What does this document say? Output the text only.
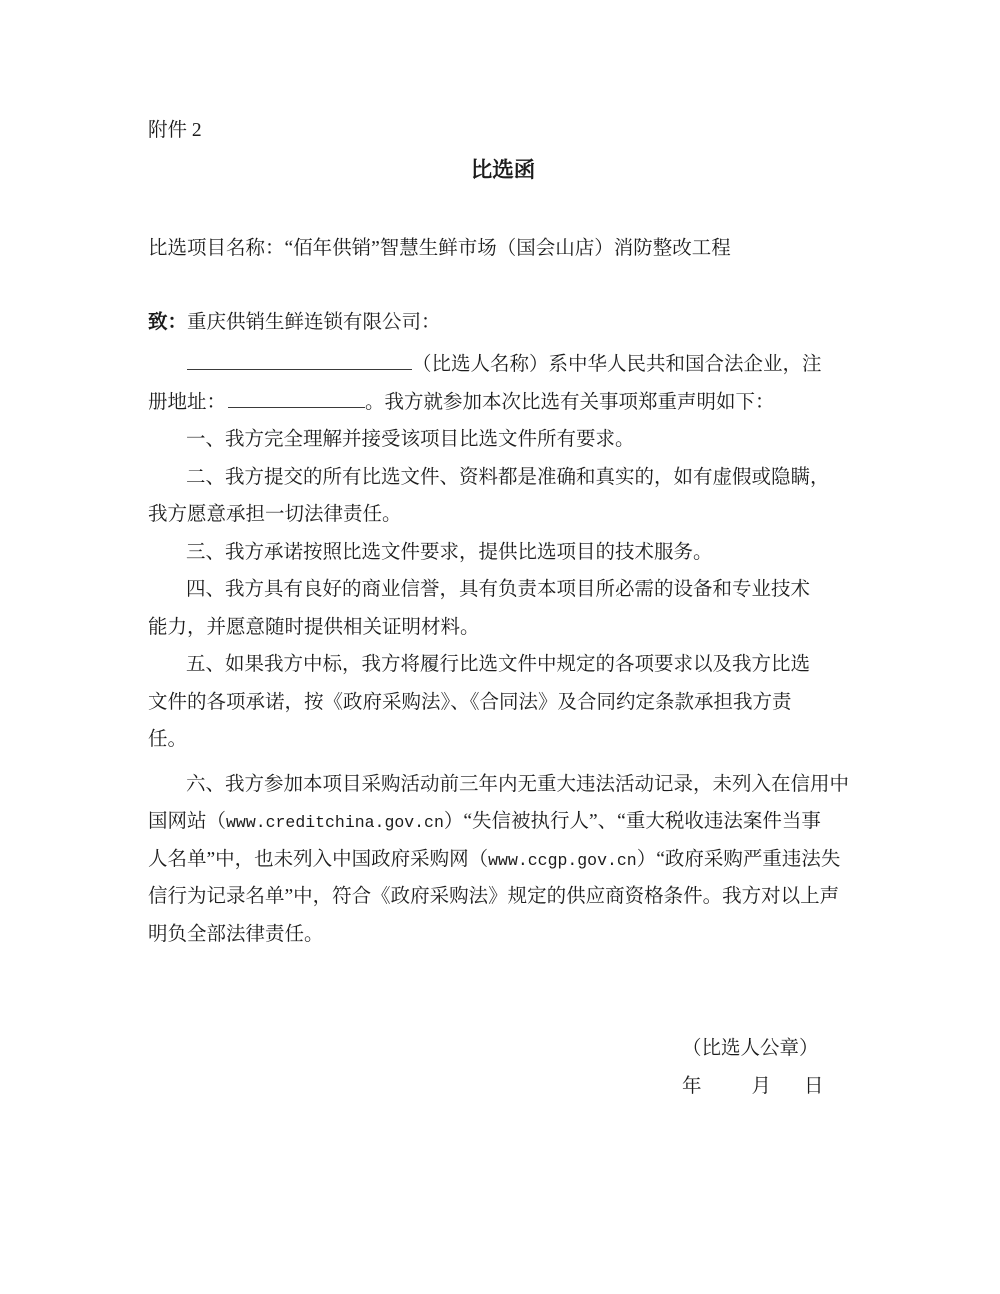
附件 2
比选函
比选项目名称：“佰年供销”智慧生鲜市场（国会山店）消防整改工程
致：重庆供销生鲜连锁有限公司：
（比选人名称）系中华人民共和国合法企业，注
册地址：	。我方就参加本次比选有关事项郑重声明如下：
一、我方完全理解并接受该项目比选文件所有要求。
二、我方提交的所有比选文件、资料都是准确和真实的，如有虚假或隐瞒，
我方愿意承担一切法律责任。
三、我方承诺按照比选文件要求，提供比选项目的技术服务。
四、我方具有良好的商业信誉，具有负责本项目所必需的设备和专业技术
能力，并愿意随时提供相关证明材料。
五、如果我方中标，我方将履行比选文件中规定的各项要求以及我方比选
文件的各项承诺，按《政府采购法》、《合同法》及合同约定条款承担我方责
任。
六、我方参加本项目采购活动前三年内无重大违法活动记录，未列入在信用中
国网站（www.creditchina.gov.cn）“失信被执行人”、“重大税收违法案件当事
人名单”中，也未列入中国政府采购网（www.ccgp.gov.cn）“政府采购严重违法失
信行为记录名单”中，符合《政府采购法》规定的供应商资格条件。我方对以上声
明负全部法律责任。
（比选人公章）
年	月 日
